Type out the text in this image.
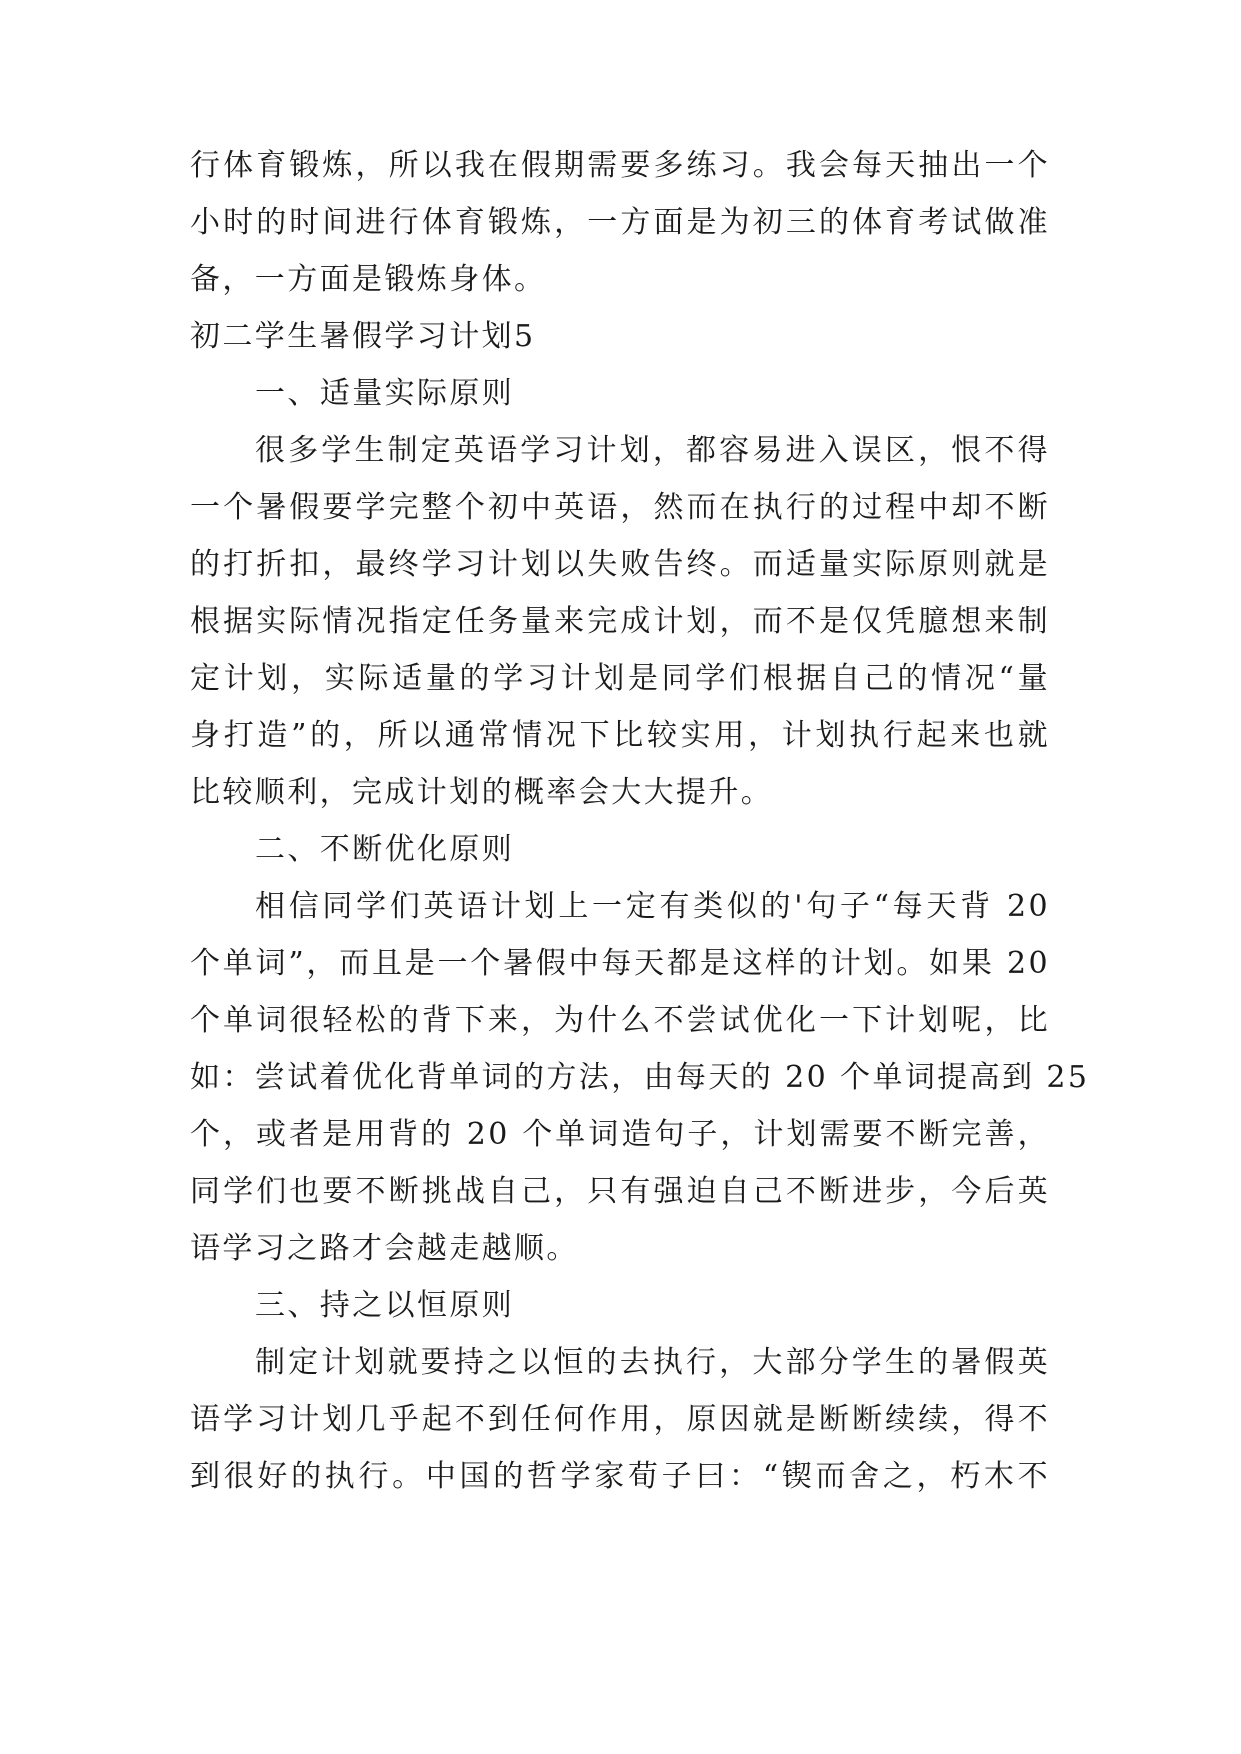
行体育锻炼，所以我在假期需要多练习。我会每天抽出一个
小时的时间进行体育锻炼，一方面是为初三的体育考试做准
备，一方面是锻炼身体。
初二学生暑假学习计划5
一、适量实际原则
很多学生制定英语学习计划，都容易进入误区，恨不得
一个暑假要学完整个初中英语，然而在执行的过程中却不断
的打折扣，最终学习计划以失败告终。而适量实际原则就是
根据实际情况指定任务量来完成计划，而不是仅凭臆想来制
定计划，实际适量的学习计划是同学们根据自己的情况“量
身打造”的，所以通常情况下比较实用，计划执行起来也就
比较顺利，完成计划的概率会大大提升。
二、不断优化原则
相信同学们英语计划上一定有类似的'句子“每天背 20
个单词”，而且是一个暑假中每天都是这样的计划。如果 20
个单词很轻松的背下来，为什么不尝试优化一下计划呢，比
如：尝试着优化背单词的方法，由每天的 20 个单词提高到 25
个，或者是用背的 20 个单词造句子，计划需要不断完善，
同学们也要不断挑战自己，只有强迫自己不断进步，今后英
语学习之路才会越走越顺。
三、持之以恒原则
制定计划就要持之以恒的去执行，大部分学生的暑假英
语学习计划几乎起不到任何作用，原因就是断断续续，得不
到很好的执行。中国的哲学家荀子曰：“锲而舍之，朽木不
